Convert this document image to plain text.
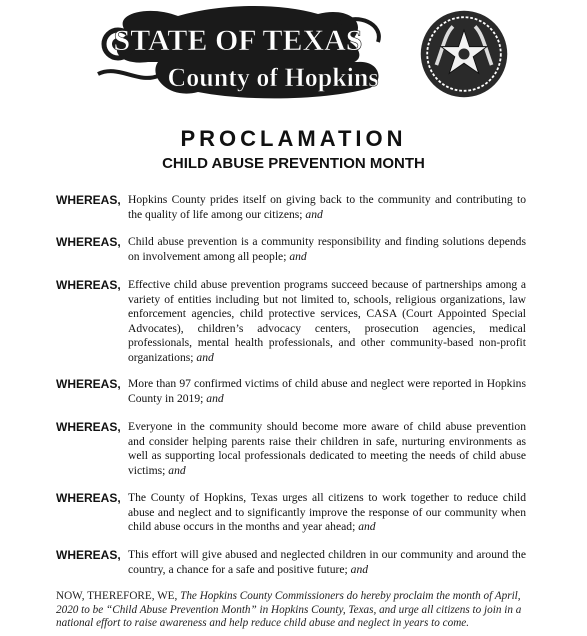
STATE OF TEXAS
County of Hopkins
PROCLAMATION
CHILD ABUSE PREVENTION MONTH
WHEREAS, Hopkins County prides itself on giving back to the community and contributing to the quality of life among our citizens; and
WHEREAS, Child abuse prevention is a community responsibility and finding solutions depends on involvement among all people; and
WHEREAS, Effective child abuse prevention programs succeed because of partnerships among a variety of entities including but not limited to, schools, religious organizations, law enforcement agencies, child protective services, CASA (Court Appointed Special Advocates), children’s advocacy centers, prosecution agencies, medical professionals, mental health professionals, and other community-based non-profit organizations; and
WHEREAS, More than 97 confirmed victims of child abuse and neglect were reported in Hopkins County in 2019; and
WHEREAS, Everyone in the community should become more aware of child abuse prevention and consider helping parents raise their children in safe, nurturing environments as well as supporting local professionals dedicated to meeting the needs of child abuse victims; and
WHEREAS, The County of Hopkins, Texas urges all citizens to work together to reduce child abuse and neglect and to significantly improve the response of our community when child abuse occurs in the months and year ahead; and
WHEREAS, This effort will give abused and neglected children in our community and around the country, a chance for a safe and positive future; and
NOW, THEREFORE, WE, The Hopkins County Commissioners do hereby proclaim the month of April, 2020 to be “Child Abuse Prevention Month” in Hopkins County, Texas, and urge all citizens to join in a national effort to raise awareness and help reduce child abuse and neglect in years to come.
